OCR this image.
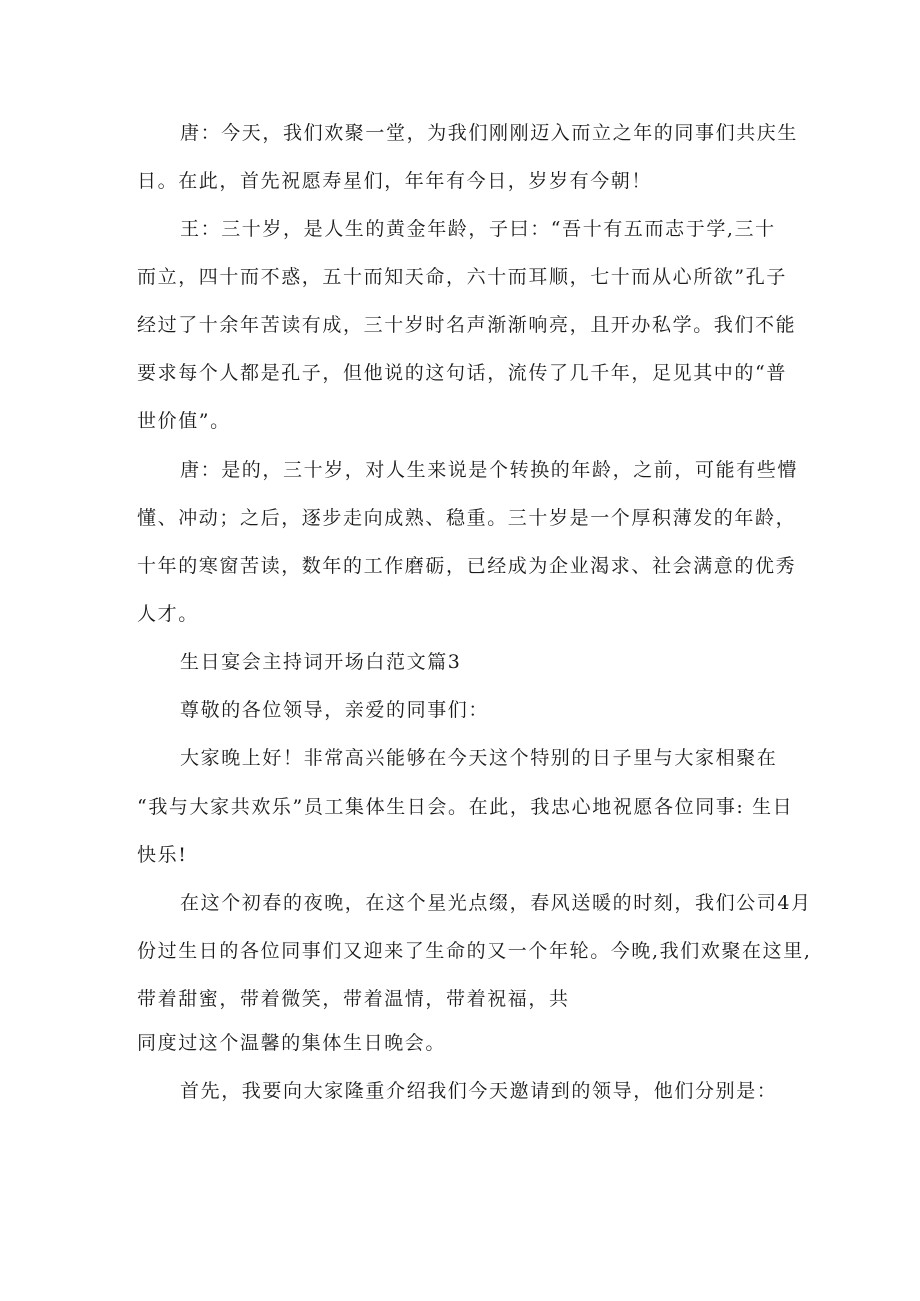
唐：今天，我们欢聚一堂，为我们刚刚迈入而立之年的同事们共庆生
日。在此，首先祝愿寿星们，年年有今日，岁岁有今朝！
王：三十岁，是人生的黄金年龄，子曰：“吾十有五而志于学,三十
而立，四十而不惑，五十而知天命，六十而耳顺，七十而从心所欲”孔子
经过了十余年苦读有成，三十岁时名声渐渐响亮，且开办私学。我们不能
要求每个人都是孔子，但他说的这句话，流传了几千年，足见其中的“普
世价值”。
唐：是的，三十岁，对人生来说是个转换的年龄，之前，可能有些懵
懂、冲动；之后，逐步走向成熟、稳重。三十岁是一个厚积薄发的年龄，
十年的寒窗苦读，数年的工作磨砺，已经成为企业渴求、社会满意的优秀
人才。
生日宴会主持词开场白范文篇3
尊敬的各位领导，亲爱的同事们：
大家晚上好！非常高兴能够在今天这个特别的日子里与大家相聚在
“我与大家共欢乐”员工集体生日会。在此，我忠心地祝愿各位同事: 生日
快乐!
在这个初春的夜晚，在这个星光点缀，春风送暖的时刻，我们公司4月
份过生日的各位同事们又迎来了生命的又一个年轮。今晚,我们欢聚在这里,
带着甜蜜，带着微笑，带着温情，带着祝福，共
同度过这个温馨的集体生日晚会。
首先，我要向大家隆重介绍我们今天邀请到的领导，他们分别是：
